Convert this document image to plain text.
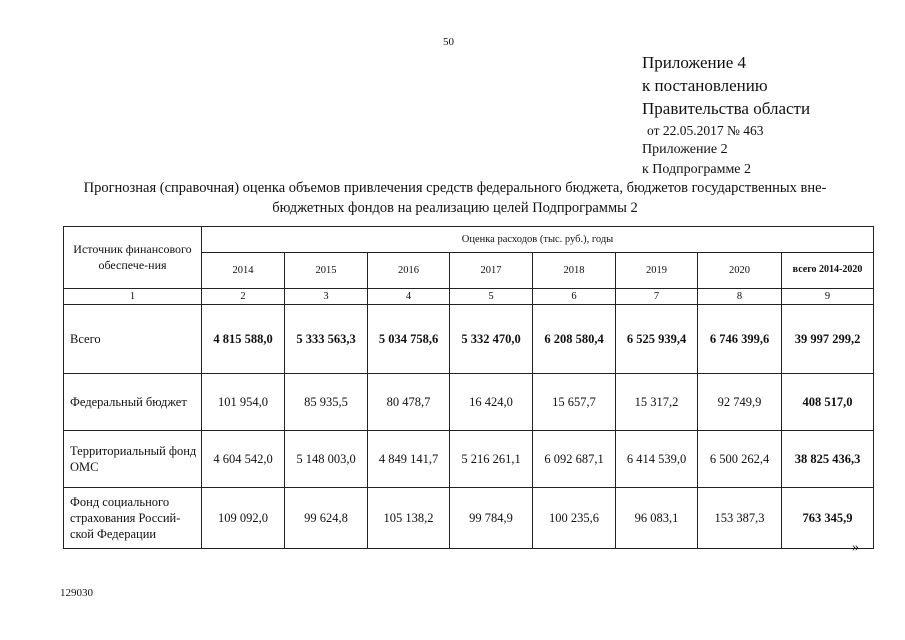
50
Приложение 4
к постановлению
Правительства области
от 22.05.2017 № 463
Приложение 2
к Подпрограмме 2
Прогнозная (справочная) оценка объемов привлечения средств федерального бюджета, бюджетов государственных вне-
бюджетных фондов на реализацию целей Подпрограммы 2
Источник финансового обеспече-ния	Оценка расходов (тыс. руб.), годы							
	2014	2015	2016	2017	2018	2019	2020	всего 2014-2020
1	2	3	4	5	6	7	8	9
Всего	4 815 588,0	5 333 563,3	5 034 758,6	5 332 470,0	6 208 580,4	6 525 939,4	6 746 399,6	39 997 299,2
Федеральный бюджет	101 954,0	85 935,5	80 478,7	16 424,0	15 657,7	15 317,2	92 749,9	408 517,0
Территориальный фонд ОМС	4 604 542,0	5 148 003,0	4 849 141,7	5 216 261,1	6 092 687,1	6 414 539,0	6 500 262,4	38 825 436,3
Фонд социального страхования Россий-ской Федерации	109 092,0	99 624,8	105 138,2	99 784,9	100 235,6	96 083,1	153 387,3	763 345,9
»
129030
